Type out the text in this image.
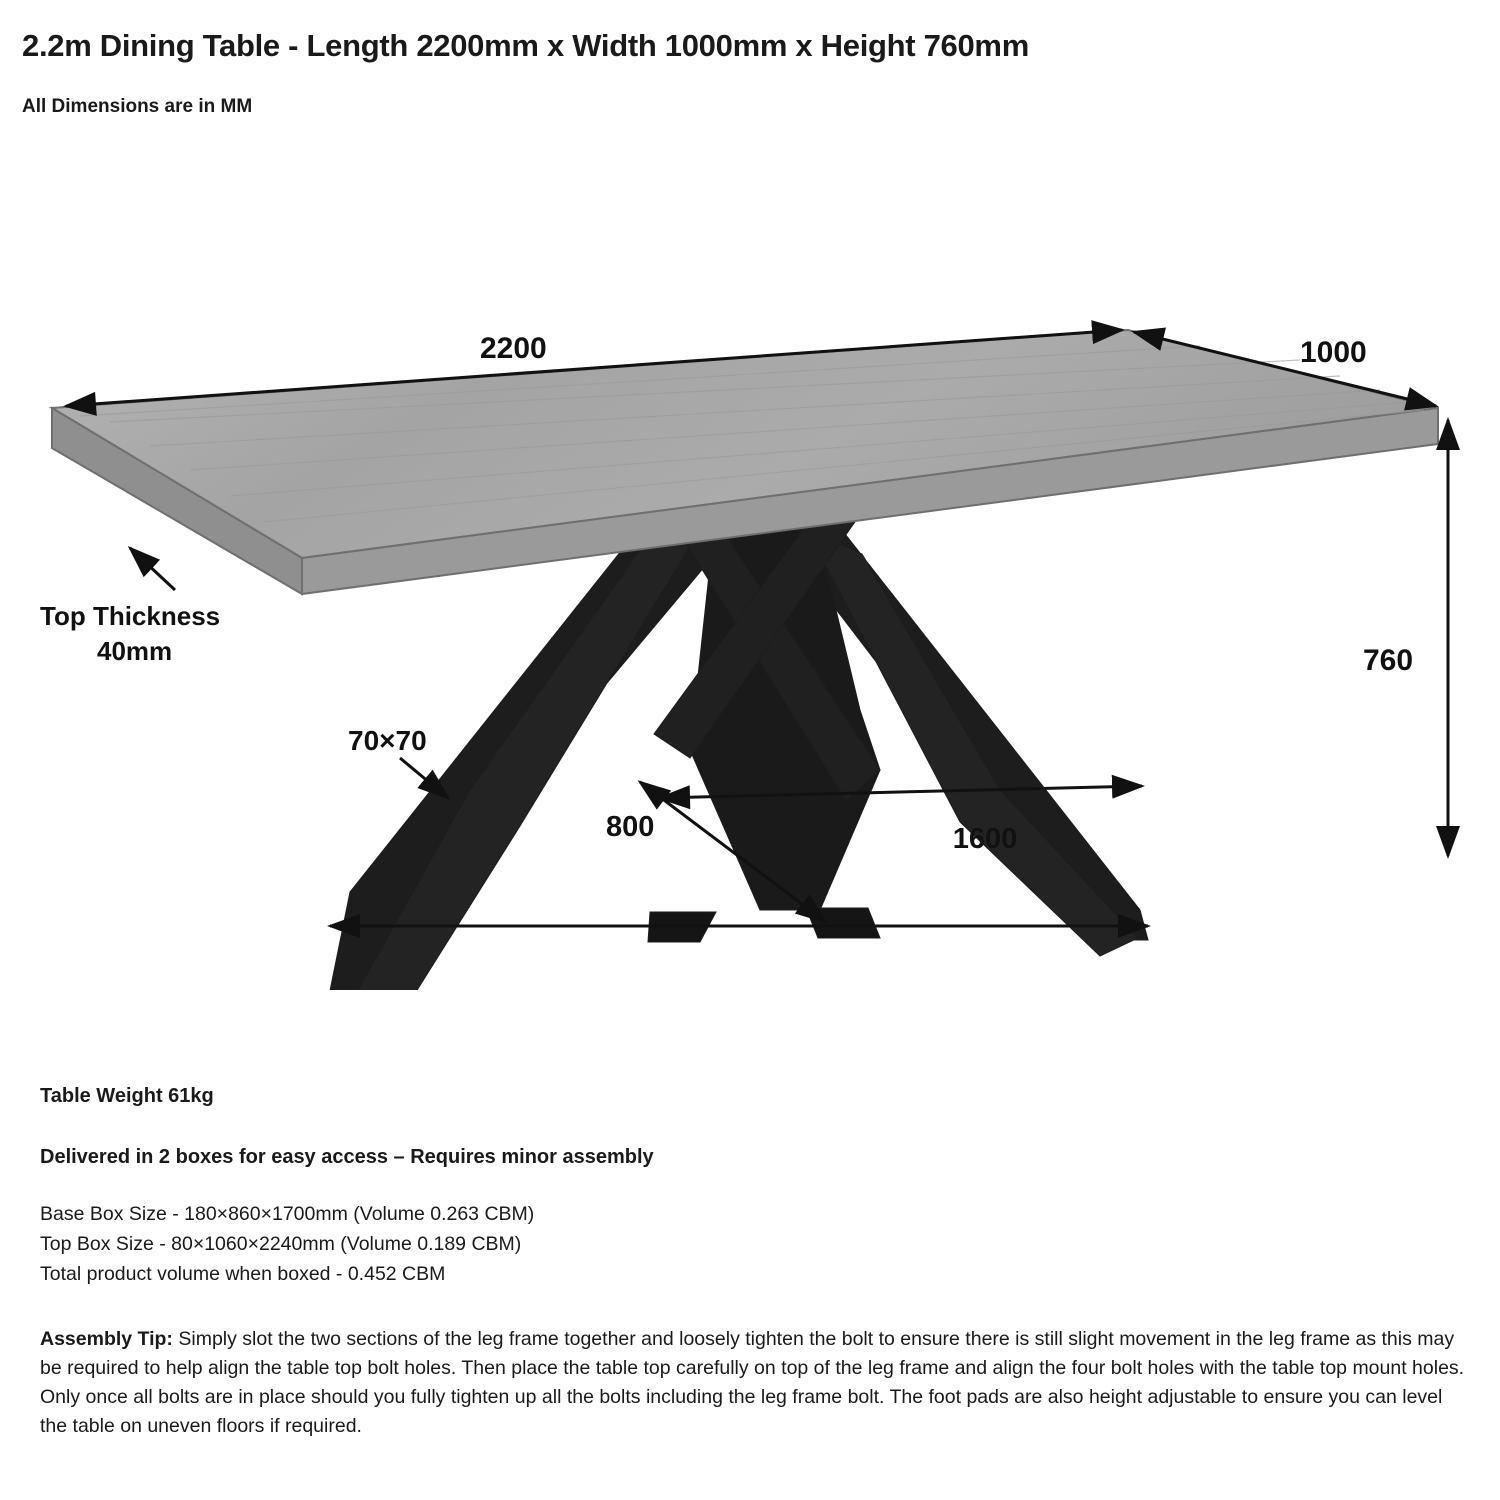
2.2m Dining Table - Length 2200mm x Width 1000mm x Height 760mm
All Dimensions are in MM
2200	1000
760
Top Thickness
40mm
70×70
800	1600

Table Weight 61kg

Delivered in 2 boxes for easy access – Requires minor assembly

Base Box Size - 180×860×1700mm (Volume 0.263 CBM)

Top Box Size - 80×1060×2240mm (Volume 0.189 CBM)

Total product volume when boxed - 0.452 CBM

Assembly Tip: Simply slot the two sections of the leg frame together and loosely tighten the bolt to ensure there is still slight movement in the leg frame as this may be required to help align the table top bolt holes. Then place the table top carefully on top of the leg frame and align the four bolt holes with the table top mount holes. Only once all bolts are in place should you fully tighten up all the bolts including the leg frame bolt. The foot pads are also height adjustable to ensure you can level the table on uneven floors if required.
